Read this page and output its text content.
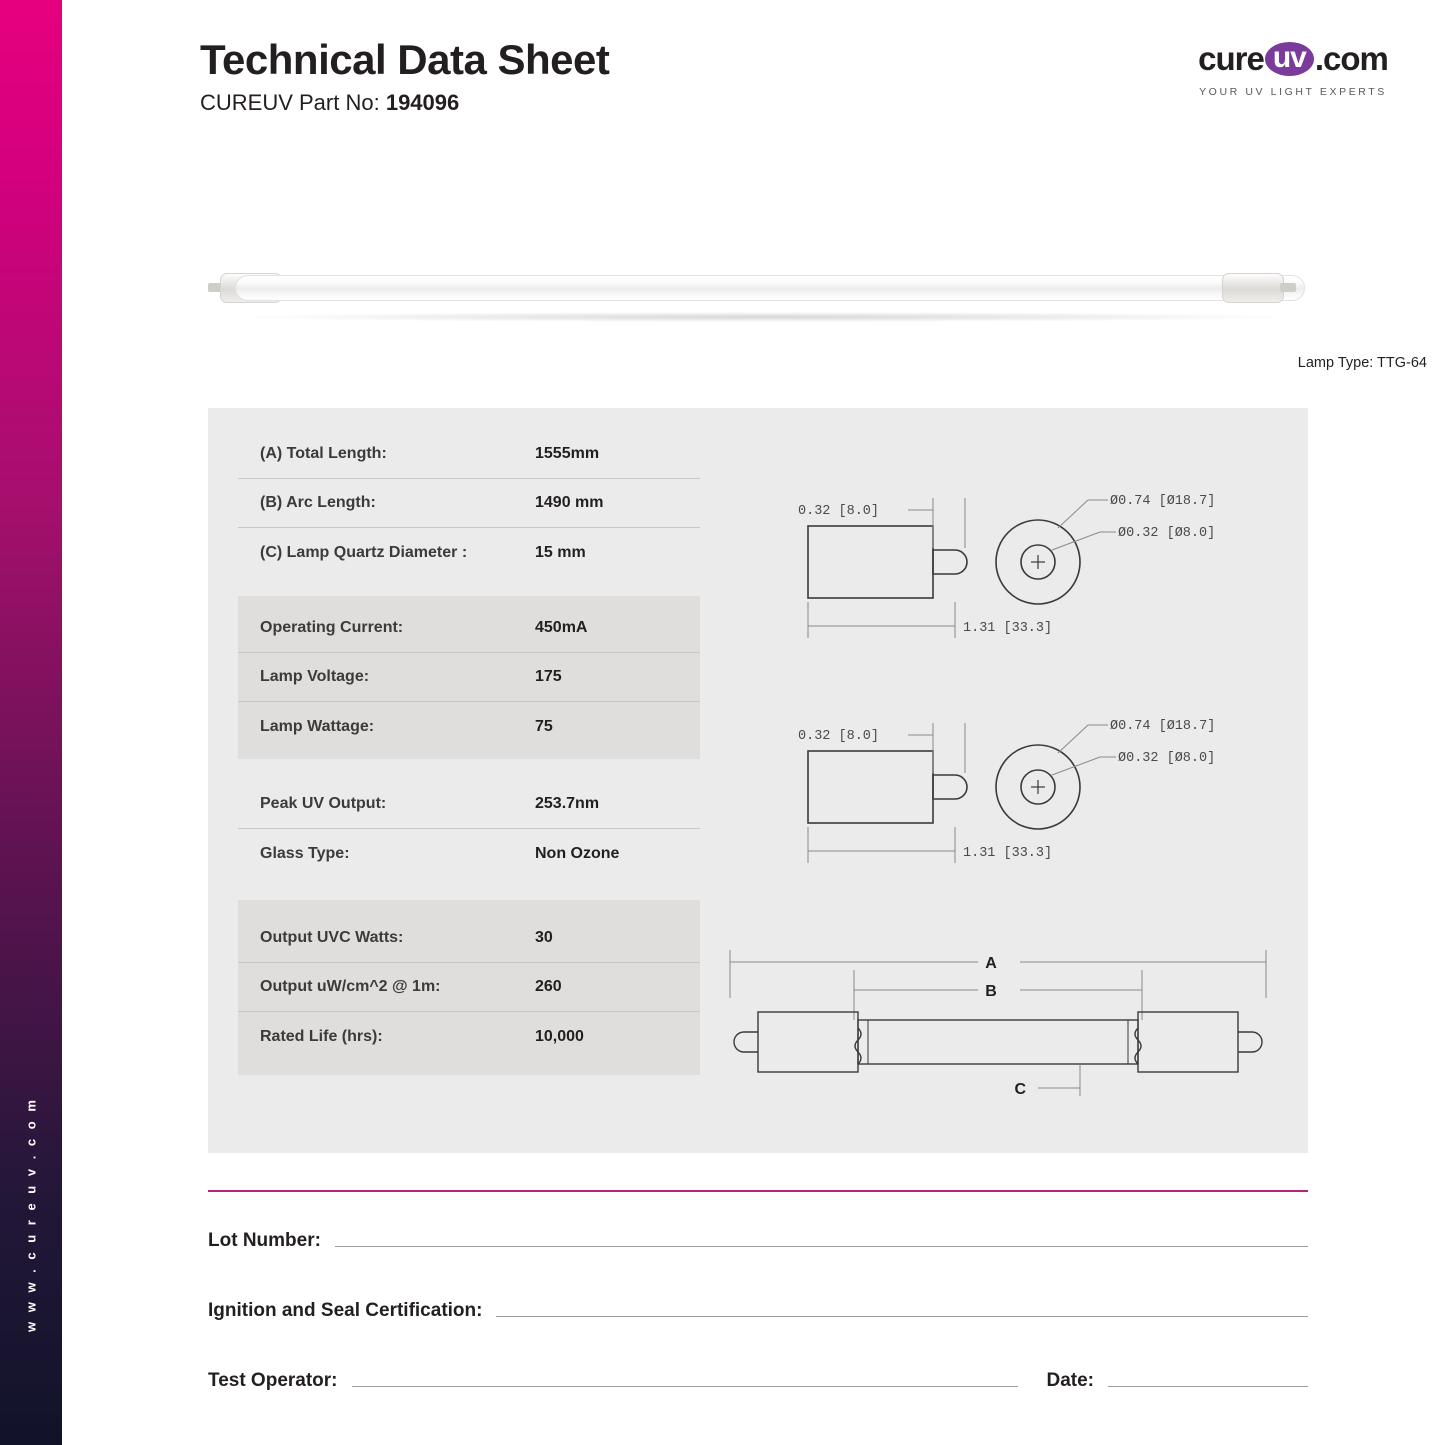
w w w . c u r e u v . c o m
Technical Data Sheet
CUREUV Part No: 194096
cure uv .com
YOUR UV LIGHT EXPERTS
Lamp Type: TTG-64
(A) Total Length:	1555mm
(B) Arc Length:	1490 mm
(C) Lamp Quartz Diameter :	15 mm
Operating Current:	450mA
Lamp Voltage:	175
Lamp Wattage:	75
Peak UV Output:	253.7nm
Glass Type:	Non Ozone
Output UVC Watts:	30
Output uW/cm^2 @ 1m:	260
Rated Life (hrs):	10,000
0.32 [8.0]
1.31 [33.3]
Ø0.74 [Ø18.7]
Ø0.32 [Ø8.0]
0.32 [8.0]
1.31 [33.3]
Ø0.74 [Ø18.7]
Ø0.32 [Ø8.0]
A
B
C
Lot Number:
Ignition and Seal Certification:
Test Operator:	Date:
